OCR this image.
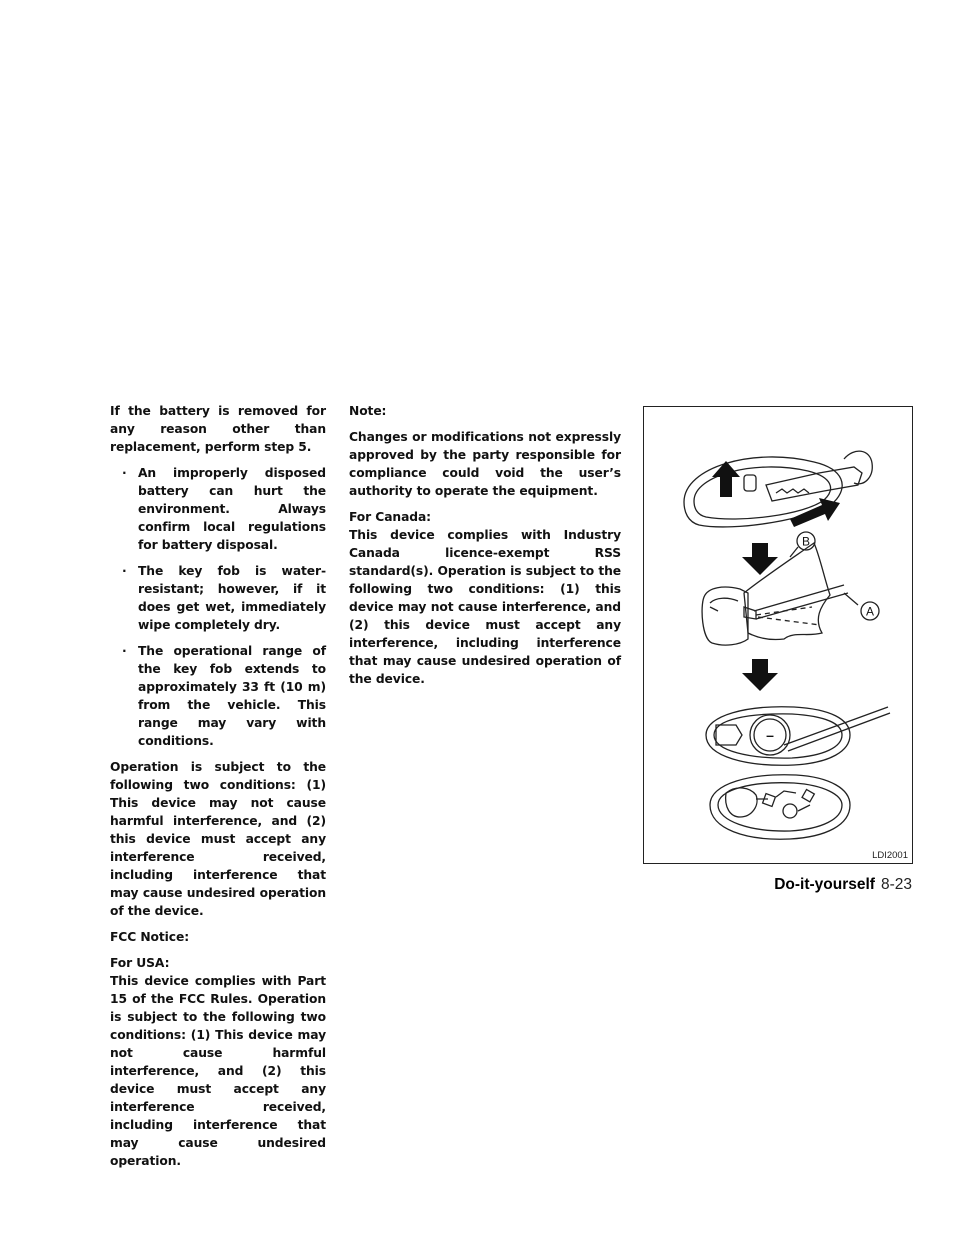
If the battery is removed for any reason other than replacement, perform step 5.

· An improperly disposed battery can hurt the environment. Always confirm local regulations for battery disposal.
· The key fob is water-resistant; however, if it does get wet, immediately wipe completely dry.
· The operational range of the key fob extends to approximately 33 ft (10 m) from the vehicle. This range may vary with conditions.

Operation is subject to the following two conditions: (1) This device may not cause harmful interference, and (2) this device must accept any interference received, including interference that may cause undesired operation of the device.

FCC Notice:

For USA:

This device complies with Part 15 of the FCC Rules. Operation is subject to the following two conditions: (1) This device may not cause harmful interference, and (2) this device must accept any interference received, including interference that may cause undesired operation.

Note:

Changes or modifications not expressly approved by the party responsible for compliance could void the user’s authority to operate the equipment.

For Canada:

This device complies with Industry Canada licence-exempt RSS standard(s). Operation is subject to the following two conditions: (1) this device may not cause interference, and (2) this device must accept any interference, including interference that may cause undesired operation of the device.

B
A
–
LDI2001
Do-it-yourself 8-23
